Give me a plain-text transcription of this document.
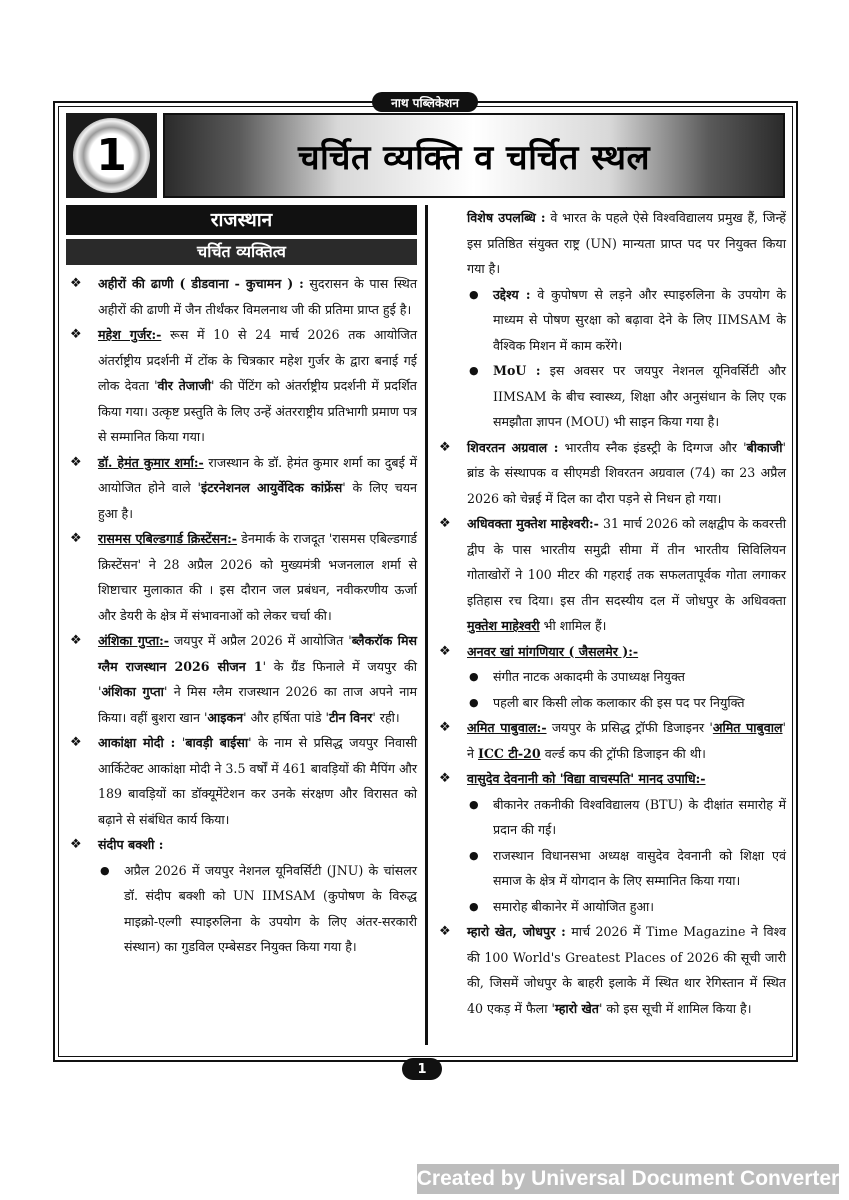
नाथ पब्लिकेशन
1	चर्चित व्यक्ति व चर्चित स्थल
राजस्थान
चर्चित व्यक्तित्व

❖ अहीरों की ढाणी ( डीडवाना - कुचामन ) : सुदरासन के पास स्थित अहीरों की ढाणी में जैन तीर्थंकर विमलनाथ जी की प्रतिमा प्राप्त हुई है।

❖ महेश गुर्जर:- रूस में 10 से 24 मार्च 2026 तक आयोजित अंतर्राष्ट्रीय प्रदर्शनी में टोंक के चित्रकार महेश गुर्जर के द्वारा बनाई गई लोक देवता 'वीर तेजाजी' की पेंटिंग को अंतर्राष्ट्रीय प्रदर्शनी में प्रदर्शित किया गया। उत्कृष्ट प्रस्तुति के लिए उन्हें अंतरराष्ट्रीय प्रतिभागी प्रमाण पत्र से सम्मानित किया गया।

❖ डॉ. हेमंत कुमार शर्मा:- राजस्थान के डॉ. हेमंत कुमार शर्मा का दुबई में आयोजित होने वाले 'इंटरनेशनल आयुर्वेदिक कांफ्रेंस' के लिए चयन हुआ है।

❖ रासमस एबिल्डगार्ड क्रिस्टेंसन:- डेनमार्क के राजदूत 'रासमस एबिल्डगार्ड क्रिस्टेंसन' ने 28 अप्रैल 2026 को मुख्यमंत्री भजनलाल शर्मा से शिष्टाचार मुलाकात की । इस दौरान जल प्रबंधन, नवीकरणीय ऊर्जा और डेयरी के क्षेत्र में संभावनाओं को लेकर चर्चा की।

❖ अंशिका गुप्ता:- जयपुर में अप्रैल 2026 में आयोजित 'ब्लैकरॉक मिस ग्लैम राजस्थान 2026 सीजन 1' के ग्रैंड फिनाले में जयपुर की 'अंशिका गुप्ता' ने मिस ग्लैम राजस्थान 2026 का ताज अपने नाम किया। वहीं बुशरा खान 'आइकन' और हर्षिता पांडे 'टीन विनर' रही।

❖ आकांक्षा मोदी : 'बावड़ी बाईसा' के नाम से प्रसिद्ध जयपुर निवासी आर्किटेक्ट आकांक्षा मोदी ने 3.5 वर्षों में 461 बावड़ियों की मैपिंग और 189 बावड़ियों का डॉक्यूमेंटेशन कर उनके संरक्षण और विरासत को बढ़ाने से संबंधित कार्य किया।

❖ संदीप बक्शी :

● अप्रैल 2026 में जयपुर नेशनल यूनिवर्सिटी (JNU) के चांसलर डॉ. संदीप बक्शी को UN IIMSAM (कुपोषण के विरुद्ध माइक्रो-एल्गी स्पाइरुलिना के उपयोग के लिए अंतर-सरकारी संस्थान) का गुडविल एम्बेसडर नियुक्त किया गया है।

विशेष उपलब्धि : वे भारत के पहले ऐसे विश्वविद्यालय प्रमुख हैं, जिन्हें इस प्रतिष्ठित संयुक्त राष्ट्र (UN) मान्यता प्राप्त पद पर नियुक्त किया गया है।

● उद्देश्य : वे कुपोषण से लड़ने और स्पाइरुलिना के उपयोग के माध्यम से पोषण सुरक्षा को बढ़ावा देने के लिए IIMSAM के वैश्विक मिशन में काम करेंगे।

● MoU : इस अवसर पर जयपुर नेशनल यूनिवर्सिटी और IIMSAM के बीच स्वास्थ्य, शिक्षा और अनुसंधान के लिए एक समझौता ज्ञापन (MOU) भी साइन किया गया है।

❖ शिवरतन अग्रवाल : भारतीय स्नैक इंडस्ट्री के दिग्गज और 'बीकाजी' ब्रांड के संस्थापक व सीएमडी शिवरतन अग्रवाल (74) का 23 अप्रैल 2026 को चेन्नई में दिल का दौरा पड़ने से निधन हो गया।

❖ अधिवक्ता मुक्तेश माहेश्वरी:- 31 मार्च 2026 को लक्षद्वीप के कवरत्ती द्वीप के पास भारतीय समुद्री सीमा में तीन भारतीय सिविलियन गोताखोरों ने 100 मीटर की गहराई तक सफलतापूर्वक गोता लगाकर इतिहास रच दिया। इस तीन सदस्यीय दल में जोधपुर के अधिवक्ता मुक्तेश माहेश्वरी भी शामिल हैं।

❖ अनवर खां मांगणियार ( जैसलमेर ):-

● संगीत नाटक अकादमी के उपाध्यक्ष नियुक्त

● पहली बार किसी लोक कलाकार की इस पद पर नियुक्ति

❖ अमित पाबुवाल:- जयपुर के प्रसिद्ध ट्रॉफी डिजाइनर 'अमित पाबुवाल' ने ICC टी-20 वर्ल्ड कप की ट्रॉफी डिजाइन की थी।

❖ वासुदेव देवनानी को 'विद्या वाचस्पति' मानद उपाधि:-

● बीकानेर तकनीकी विश्वविद्यालय (BTU) के दीक्षांत समारोह में प्रदान की गई।

● राजस्थान विधानसभा अध्यक्ष वासुदेव देवनानी को शिक्षा एवं समाज के क्षेत्र में योगदान के लिए सम्मानित किया गया।

● समारोह बीकानेर में आयोजित हुआ।

❖ म्हारो खेत, जोधपुर : मार्च 2026 में Time Magazine ने विश्व की 100 World's Greatest Places of 2026 की सूची जारी की, जिसमें जोधपुर के बाहरी इलाके में स्थित थार रेगिस्तान में स्थित 40 एकड़ में फैला 'म्हारो खेत' को इस सूची में शामिल किया है।

1
Created by Universal Document Converter
